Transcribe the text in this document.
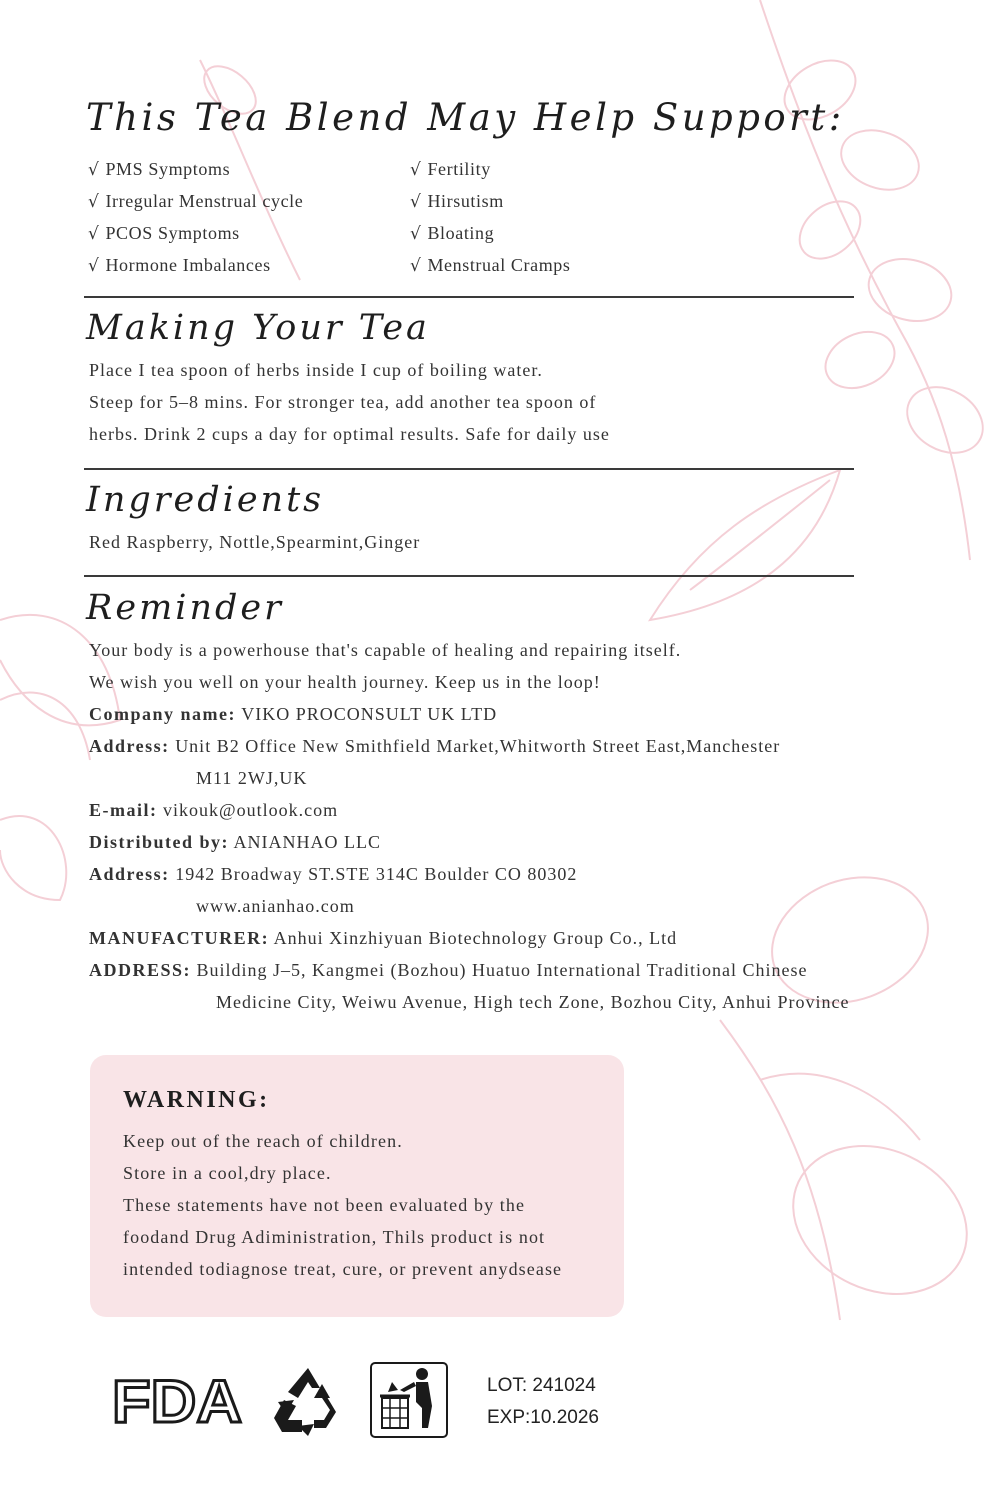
This Tea Blend May Help Support:
√ PMS Symptoms
√ Irregular Menstrual cycle
√ PCOS Symptoms
√ Hormone Imbalances
√ Fertility
√ Hirsutism
√ Bloating
√ Menstrual Cramps
Making Your Tea
Place I tea spoon of herbs inside I cup of boiling water.
Steep for 5–8 mins. For stronger tea, add another tea spoon of
herbs. Drink 2 cups a day for optimal results. Safe for daily use
Ingredients
Red Raspberry, Nottle,Spearmint,Ginger
Reminder
Your body is a powerhouse that's capable of healing and repairing itself.
We wish you well on your health journey. Keep us in the loop!
Company name: VIKO PROCONSULT UK LTD
Address: Unit B2 Office New Smithfield Market,Whitworth Street East,Manchester
M11 2WJ,UK
E-mail: vikouk@outlook.com
Distributed by: ANIANHAO LLC
Address: 1942 Broadway ST.STE 314C Boulder CO 80302
www.anianhao.com
MANUFACTURER: Anhui Xinzhiyuan Biotechnology Group Co., Ltd
ADDRESS: Building J–5, Kangmei (Bozhou) Huatuo International Traditional Chinese
Medicine City, Weiwu Avenue, High tech Zone, Bozhou City, Anhui Province
WARNING:
Keep out of the reach of children.
Store in a cool,dry place.
These statements have not been evaluated by the
foodand Drug Adiministration, Thils product is not
intended todiagnose treat, cure, or prevent anydsease
FDA	LOT: 241024
EXP:10.2026
